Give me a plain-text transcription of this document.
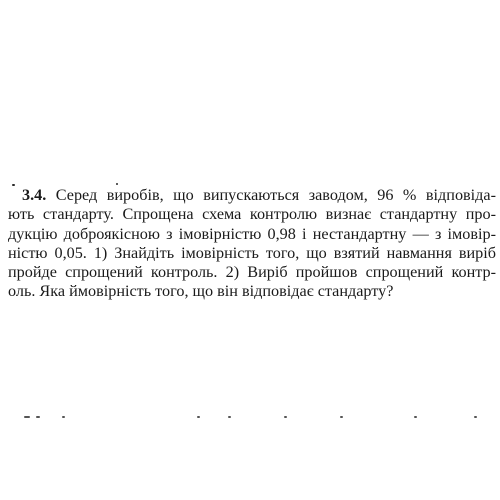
3.4. Серед виробів, що випускаються заводом, 96 % відповіда-
ють стандарту. Спрощена схема контролю визнає стандартну про-
дукцію доброякісною з імовірністю 0,98 і нестандартну — з імовір-
ністю 0,05. 1) Знайдіть імовірність того, що взятий навмання виріб
пройде спрощений контроль. 2) Виріб пройшов спрощений контр-
оль. Яка ймовірність того, що він відповідає стандарту?
